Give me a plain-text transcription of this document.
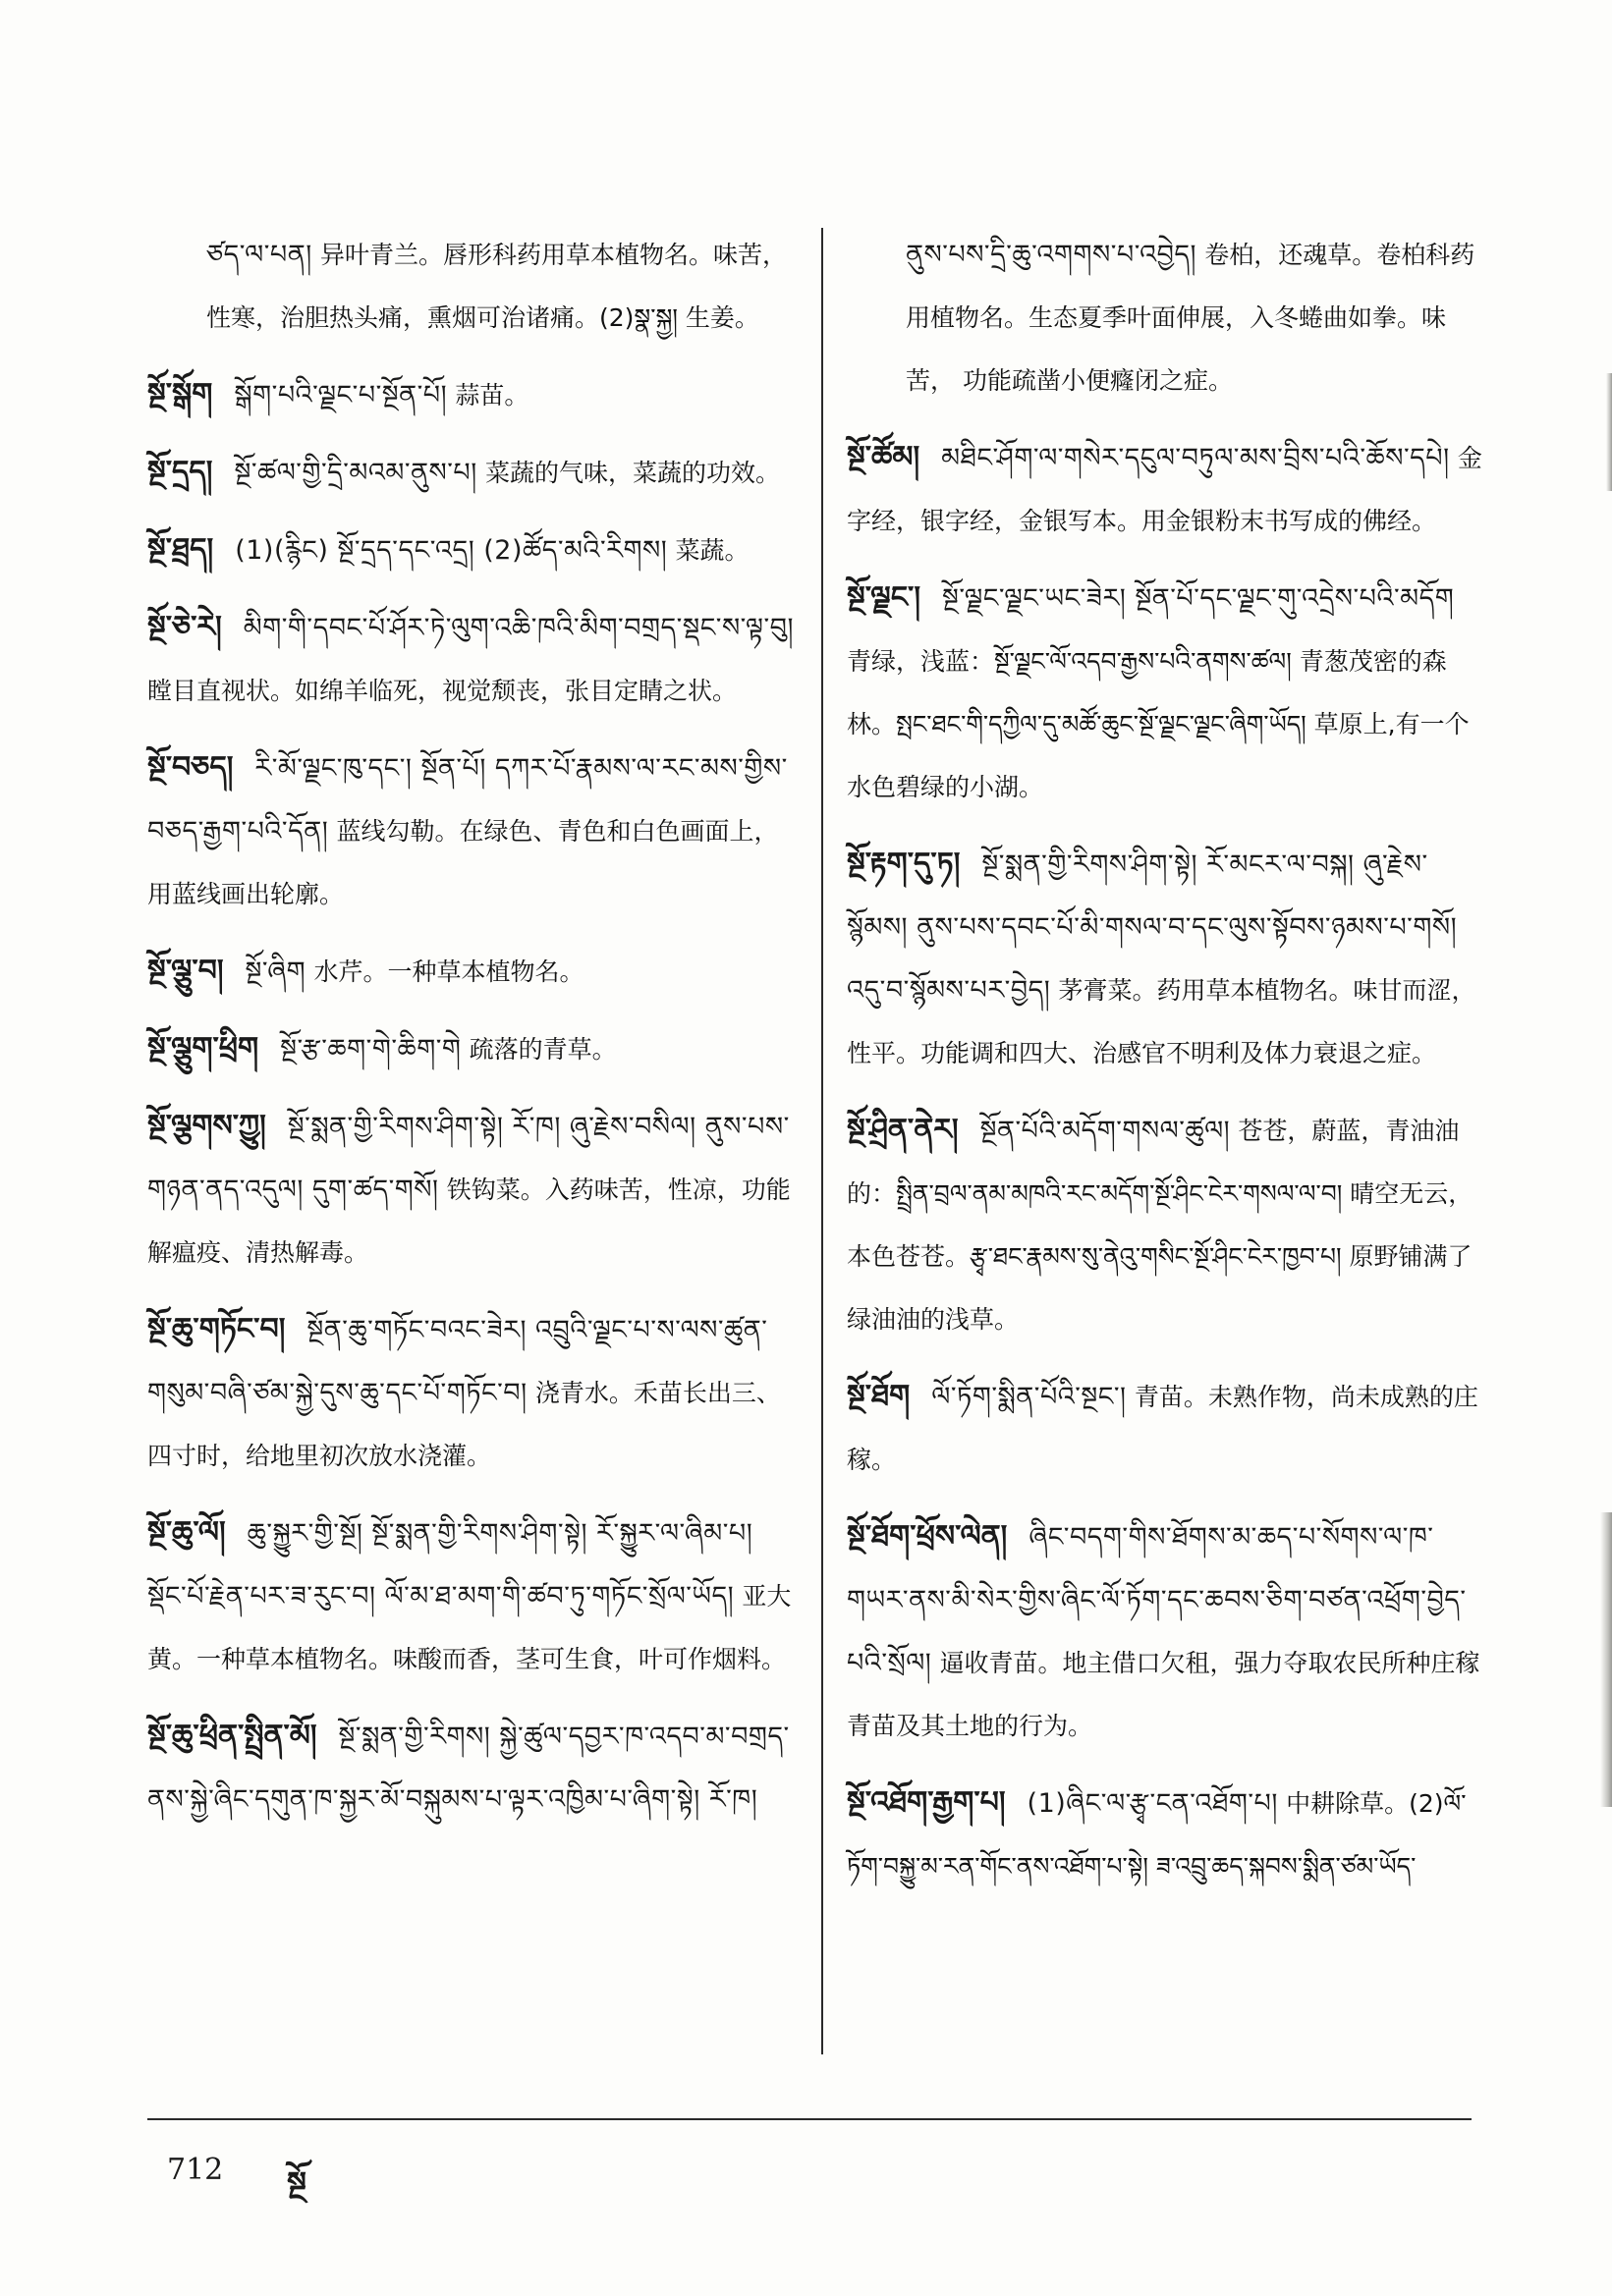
ཙད་ལ་པན། 异叶青兰。唇形科药用草本植物名。味苦，性寒，治胆热头痛，熏烟可治诸痛。(2)སྣ་སྐྱ། 生姜。
སྔོ་སྒོག སྒོག་པའི་ལྗང་པ་སྔོན་པོ། 蒜苗。
སྔོ་དྲད། སྔོ་ཚལ་གྱི་དྲི་མའམ་ནུས་པ། 菜蔬的气味，菜蔬的功效。
སྔོ་ཐྲད། (1)(རྙིང) སྔོ་དྲད་དང་འདྲ། (2)ཚོད་མའི་རིགས། 菜蔬。
སྔོ་ཅེ་རེ། མིག་གི་དབང་པོ་ཤོར་ཏེ་ལུག་འཆི་ཁའི་མིག་བགྲད་སྡང་ས་ལྟ་བུ། 瞠目直视状。如绵羊临死，视觉颓丧，张目定睛之状。
སྔོ་བཅད། རི་མོ་ལྗང་ཁུ་དང་། སྔོན་པོ། དཀར་པོ་རྣམས་ལ་རང་མས་གྱིས་བཅད་རྒྱག་པའི་དོན། 蓝线勾勒。在绿色、青色和白色画面上，用蓝线画出轮廓。
སྔོ་ལྕུ་བ། སྔོ་ཞིག 水芹。一种草本植物名。
སྔོ་ལྕུག་ཕྲིག སྔོ་རྩ་ཆག་གེ་ཆིག་གེ 疏落的青草。
སྔོ་ལྕགས་ཀྱུ། སྔོ་སྨན་གྱི་རིགས་ཤིག་སྟེ། རོ་ཁ། ཞུ་རྗེས་བསིལ། ནུས་པས་གཉན་ནད་འདུལ། དུག་ཚད་གསོ། 铁钩菜。入药味苦，性凉，功能解瘟疫、清热解毒。
སྔོ་ཆུ་གཏོང་བ། སྔོན་ཆུ་གཏོང་བའང་ཟེར། འབྲུའི་ལྗང་པ་ས་ལས་ཚུན་གསུམ་བཞི་ཙམ་སྐྱེ་དུས་ཆུ་དང་པོ་གཏོང་བ། 浇青水。禾苗长出三、四寸时，给地里初次放水浇灌。
སྔོ་ཆུ་ལོ། ཆུ་སྐྱུར་གྱི་སྔོ། སྔོ་སྨན་གྱི་རིགས་ཤིག་སྟེ། རོ་སྐྱུར་ལ་ཞིམ་པ། སྡོང་པོ་རྗེན་པར་ཟ་རུང་བ། ལོ་མ་ཐ་མག་གི་ཚབ་ཏུ་གཏོང་སྲོལ་ཡོད། 亚大黄。一种草本植物名。味酸而香，茎可生食，叶可作烟料。
སྔོ་ཆུ་ཕྲིན་སྤྲིན་མོ། སྔོ་སྨན་གྱི་རིགས། སྐྱེ་ཚུལ་དབྱར་ཁ་འདབ་མ་བགྲད་ནས་སྐྱེ་ཞིང་དགུན་ཁ་སྐྱར་མོ་བསྐུམས་པ་ལྟར་འཁྱིམ་པ་ཞིག་སྟེ། རོ་ཁ།
ནུས་པས་དྲི་ཆུ་འགགས་པ་འབྱེད། 卷柏，还魂草。卷柏科药用植物名。生态夏季叶面伸展，入冬蜷曲如拳。味苦， 功能疏凿小便癃闭之症。
སྔོ་ཚོམ། མཐིང་ཤོག་ལ་གསེར་དངུལ་བཏུལ་མས་བྲིས་པའི་ཆོས་དཔེ། 金字经，银字经，金银写本。用金银粉末书写成的佛经。
སྔོ་ལྗང་། སྔོ་ལྗང་ལྗང་ཡང་ཟེར། སྔོན་པོ་དང་ལྗང་གུ་འདྲེས་པའི་མདོག 青绿，浅蓝：སྔོ་ལྗང་ལོ་འདབ་རྒྱས་པའི་ནགས་ཚལ། 青葱茂密的森林。སྤང་ཐང་གི་དཀྱིལ་དུ་མཚོ་ཆུང་སྔོ་ལྗང་ལྗང་ཞིག་ཡོད། 草原上,有一个水色碧绿的小湖。
སྔོ་རྟག་དུ་ཏ། སྔོ་སྨན་གྱི་རིགས་ཤིག་སྟེ། རོ་མངར་ལ་བསྐ། ཞུ་རྗེས་སྙོམས། ནུས་པས་དབང་པོ་མི་གསལ་བ་དང་ལུས་སྟོབས་ཉམས་པ་གསོ། འདུ་བ་སྙོམས་པར་བྱེད། 茅膏菜。药用草本植物名。味甘而涩，性平。功能调和四大、治感官不明利及体力衰退之症。
སྔོ་ཤྲིན་ནེར། སྔོན་པོའི་མདོག་གསལ་ཚུལ། 苍苍，蔚蓝，青油油的：སྤྲིན་བྲལ་ནམ་མཁའི་རང་མདོག་སྔོ་ཤིང་ངེར་གསལ་ལ་བ། 晴空无云，本色苍苍。རྩྭ་ཐང་རྣམས་སུ་ནེའུ་གསིང་སྔོ་ཤིང་ངེར་ཁྱབ་པ། 原野铺满了绿油油的浅草。
སྔོ་ཐོག ལོ་ཏོག་སྨིན་པོའི་སྔང་། 青苗。未熟作物，尚未成熟的庄稼。
སྔོ་ཐོག་ཕྲོས་ལེན། ཞིང་བདག་གིས་ཐོགས་མ་ཆད་པ་སོགས་ལ་ཁ་གཡར་ནས་མི་སེར་གྱིས་ཞིང་ལོ་ཏོག་དང་ཆབས་ཅིག་བཙན་འཕྲོག་བྱེད་པའི་སྲོལ། 逼收青苗。地主借口欠租，强力夺取农民所种庄稼青苗及其土地的行为。
སྔོ་འཐོག་རྒྱག་པ། (1)ཞིང་ལ་རྩྭ་ངན་འཐོག་པ། 中耕除草。(2)ལོ་ཏོག་བསྐྱུ་མ་རན་གོང་ནས་འཐོག་པ་སྟེ། ཟ་འབྲུ་ཆད་སྐབས་སྨིན་ཙམ་ཡོད་
712 སྔོ
